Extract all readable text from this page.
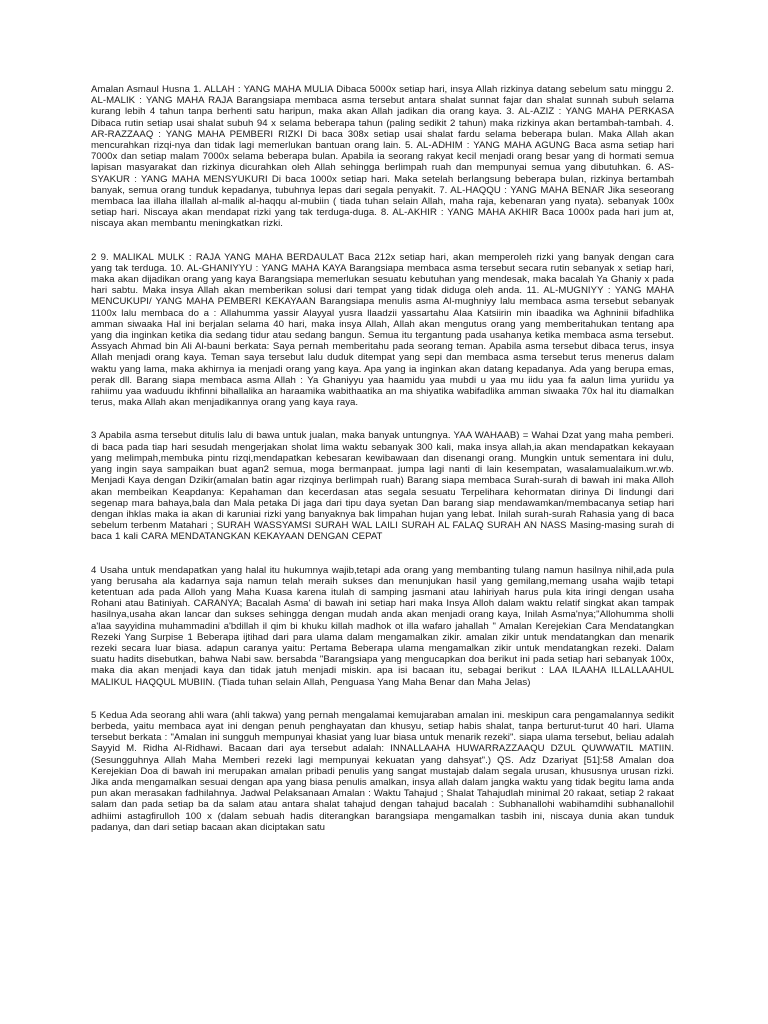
Amalan Asmaul Husna 1. ALLAH : YANG MAHA MULIA Dibaca 5000x setiap hari, insya Allah rizkinya datang sebelum satu minggu 2. AL-MALIK : YANG MAHA RAJA Barangsiapa membaca asma tersebut antara shalat sunnat fajar dan shalat sunnah subuh selama kurang lebih 4 tahun tanpa berhenti satu haripun, maka akan Allah jadikan dia orang kaya. 3. AL-AZIZ : YANG MAHA PERKASA Dibaca rutin setiap usai shalat subuh 94 x selama beberapa tahun (paling sedikit 2 tahun) maka rizkinya akan bertambah-tambah. 4. AR-RAZZAAQ : YANG MAHA PEMBERI RIZKI Di baca 308x setiap usai shalat fardu selama beberapa bulan. Maka Allah akan mencurahkan rizqi-nya dan tidak lagi memerlukan bantuan orang lain. 5. AL-ADHIM : YANG MAHA AGUNG Baca asma setiap hari 7000x dan setiap malam 7000x selama beberapa bulan. Apabila ia seorang rakyat kecil menjadi orang besar yang di hormati semua lapisan masyarakat dan rizkinya dicurahkan oleh Allah sehingga berlimpah ruah dan mempunyai semua yang dibutuhkan. 6. AS-SYAKUR : YANG MAHA MENSYUKURI Di baca 1000x setiap hari. Maka setelah berlangsung beberapa bulan, rizkinya bertambah banyak, semua orang tunduk kepadanya, tubuhnya lepas dari segala penyakit. 7. AL-HAQQU : YANG MAHA BENAR Jika seseorang membaca laa illaha illallah al-malik al-haqqu al-mubiin ( tiada tuhan selain Allah, maha raja, kebenaran yang nyata). sebanyak 100x setiap hari. Niscaya akan mendapat rizki yang tak terduga-duga. 8. AL-AKHIR : YANG MAHA AKHIR Baca 1000x pada hari jum at, niscaya akan membantu meningkatkan rizki.

2 9. MALIKAL MULK : RAJA YANG MAHA BERDAULAT Baca 212x setiap hari, akan memperoleh rizki yang banyak dengan cara yang tak terduga. 10. AL-GHANIYYU : YANG MAHA KAYA Barangsiapa membaca asma tersebut secara rutin sebanyak x setiap hari, maka akan dijadikan orang yang kaya Barangsiapa memerlukan sesuatu kebutuhan yang mendesak, maka bacalah Ya Ghaniy x pada hari sabtu. Maka insya Allah akan memberikan solusi dari tempat yang tidak diduga oleh anda. 11. AL-MUGNIYY : YANG MAHA MENCUKUPI/ YANG MAHA PEMBERI KEKAYAAN Barangsiapa menulis asma Al-mughniyy lalu membaca asma tersebut sebanyak 1100x lalu membaca do a : Allahumma yassir Alayyal yusra llaadzii yassartahu Alaa Katsiirin min ibaadika wa Aghninii bifadhlika amman siwaaka Hal ini berjalan selama 40 hari, maka insya Allah, Allah akan mengutus orang yang memberitahukan tentang apa yang dia inginkan ketika dia sedang tidur atau sedang bangun. Semua itu tergantung pada usahanya ketika membaca asma tersebut. Assyach Ahmad bin Ali Al-bauni berkata: Saya pernah memberitahu pada seorang teman. Apabila asma tersebut dibaca terus, insya Allah menjadi orang kaya. Teman saya tersebut lalu duduk ditempat yang sepi dan membaca asma tersebut terus menerus dalam waktu yang lama, maka akhirnya ia menjadi orang yang kaya. Apa yang ia inginkan akan datang kepadanya. Ada yang berupa emas, perak dll. Barang siapa membaca asma Allah : Ya Ghaniyyu yaa haamidu yaa mubdi u yaa mu iidu yaa fa aalun lima yuriidu ya rahiimu yaa waduudu ikhfinni bihallalika an haraamika wabithaatika an ma shiyatika wabifadlika amman siwaaka 70x hal itu diamalkan terus, maka Allah akan menjadikannya orang yang kaya raya.

3 Apabila asma tersebut ditulis lalu di bawa untuk jualan, maka banyak untungnya. YAA WAHAAB) = Wahai Dzat yang maha pemberi. di baca pada tiap hari sesudah mengerjakan sholat lima waktu sebanyak 300 kali, maka insya allah,ia akan mendapatkan kekayaan yang melimpah,membuka pintu rizqi,mendapatkan kebesaran kewibawaan dan disenangi orang. Mungkin untuk sementara ini dulu, yang ingin saya sampaikan buat agan2 semua, moga bermanpaat. jumpa lagi nanti di lain kesempatan, wasalamualaikum.wr.wb. Menjadi Kaya dengan Dzikir(amalan batin agar rizqinya berlimpah ruah) Barang siapa membaca Surah-surah di bawah ini maka Alloh akan membeikan Keapdanya: Kepahaman dan kecerdasan atas segala sesuatu Terpelihara kehormatan dirinya Di lindungi dari segenap mara bahaya,bala dan Mala petaka Di jaga dari tipu daya syetan Dan barang siap mendawamkan/membacanya setiap hari dengan ihklas maka ia akan di karuniai rizki yang banyaknya bak limpahan hujan yang lebat. Inilah surah-surah Rahasia yang di baca sebelum terbenm Matahari ; SURAH WASSYAMSI SURAH WAL LAILI SURAH AL FALAQ SURAH AN NASS Masing-masing surah di baca 1 kali CARA MENDATANGKAN KEKAYAAN DENGAN CEPAT

4 Usaha untuk mendapatkan yang halal itu hukumnya wajib,tetapi ada orang yang membanting tulang namun hasilnya nihil,ada pula yang berusaha ala kadarnya saja namun telah meraih sukses dan menunjukan hasil yang gemilang,memang usaha wajib tetapi ketentuan ada pada Alloh yang Maha Kuasa karena itulah di samping jasmani atau lahiriyah harus pula kita iringi dengan usaha Rohani atau Batiniyah. CARANYA; Bacalah Asma' di bawah ini setiap hari maka Insya Alloh dalam waktu relatif singkat akan tampak hasilnya,usaha akan lancar dan sukses sehingga dengan mudah anda akan menjadi orang kaya, Inilah Asma'nya;"Allohumma sholli a'laa sayyidina muhammadini a'bdillah il qim bi khuku killah madhok ot illa wafaro jahallah " Amalan Kerejekian Cara Mendatangkan Rezeki Yang Surpise 1 Beberapa ijtihad dari para ulama dalam mengamalkan zikir. amalan zikir untuk mendatangkan dan menarik rezeki secara luar biasa. adapun caranya yaitu: Pertama Beberapa ulama mengamalkan zikir untuk mendatangkan rezeki. Dalam suatu hadits disebutkan, bahwa Nabi saw. bersabda "Barangsiapa yang mengucapkan doa berikut ini pada setiap hari sebanyak 100x, maka dia akan menjadi kaya dan tidak jatuh menjadi miskin. apa isi bacaan itu, sebagai berikut : LAA ILAAHA ILLALLAAHUL MALIKUL HAQQUL MUBIIN. (Tiada tuhan selain Allah, Penguasa Yang Maha Benar dan Maha Jelas)

5 Kedua Ada seorang ahli wara (ahli takwa) yang pernah mengalamai kemujaraban amalan ini. meskipun cara pengamalannya sedikit berbeda, yaitu membaca ayat ini dengan penuh penghayatan dan khusyu, setiap habis shalat, tanpa berturut-turut 40 hari. Ulama tersebut berkata : "Amalan ini sungguh mempunyai khasiat yang luar biasa untuk menarik rezeki". siapa ulama tersebut, beliau adalah Sayyid M. Ridha Al-Ridhawi. Bacaan dari aya tersebut adalah: INNALLAAHA HUWARRAZZAAQU DZUL QUWWATIL MATIIN. (Sesungguhnya Allah Maha Memberi rezeki lagi mempunyai kekuatan yang dahsyat".) QS. Adz Dzariyat [51]:58 Amalan doa Kerejekian Doa di bawah ini merupakan amalan pribadi penulis yang sangat mustajab dalam segala urusan, khususnya urusan rizki. Jika anda mengamalkan sesuai dengan apa yang biasa penulis amalkan, insya allah dalam jangka waktu yang tidak begitu lama anda pun akan merasakan fadhilahnya. Jadwal Pelaksanaan Amalan : Waktu Tahajud ; Shalat Tahajudlah minimal 20 rakaat, setiap 2 rakaat salam dan pada setiap ba da salam atau antara shalat tahajud dengan tahajud bacalah : Subhanallohi wabihamdihi subhanallohil adhiimi astagfirulloh 100 x (dalam sebuah hadis diterangkan barangsiapa mengamalkan tasbih ini, niscaya dunia akan tunduk padanya, dan dari setiap bacaan akan diciptakan satu
